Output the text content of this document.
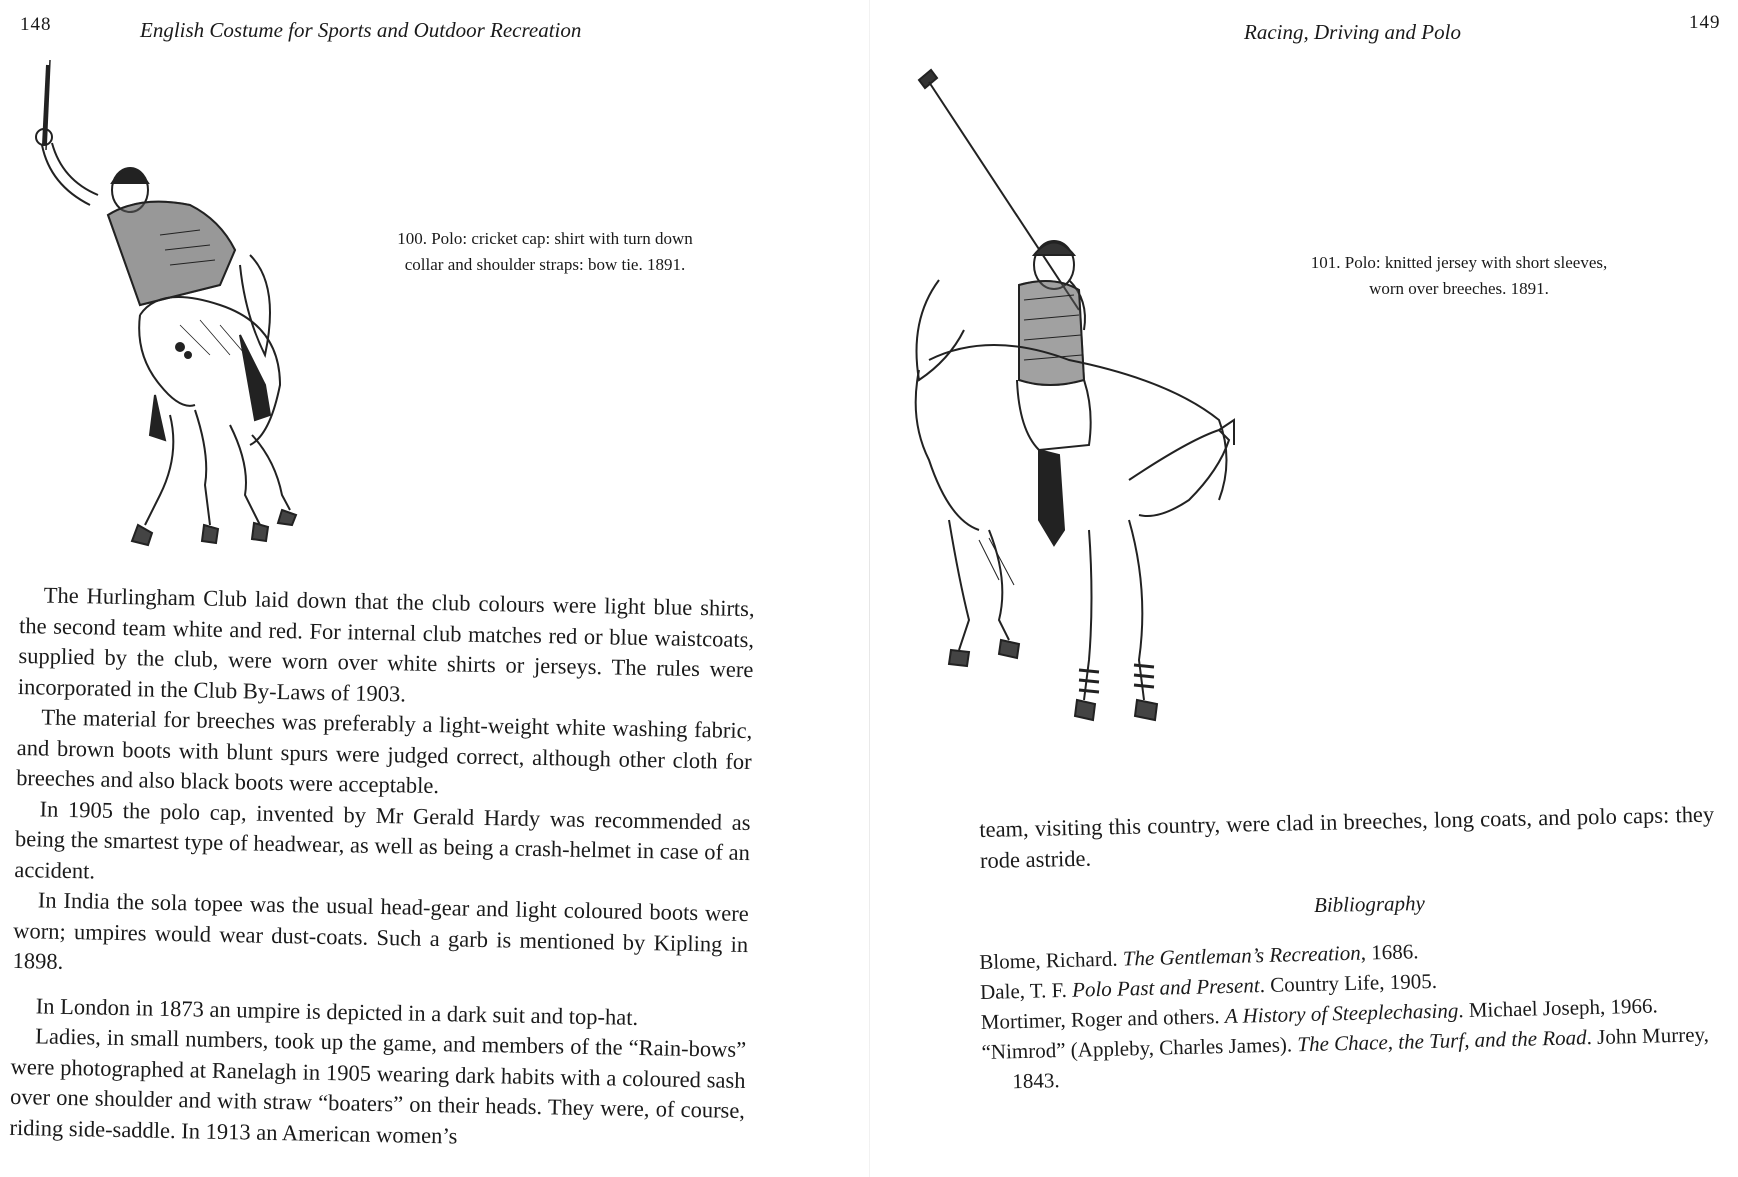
148	English Costume for Sports and Outdoor Recreation
100. Polo: cricket cap: shirt with turn down
collar and shoulder straps: bow tie. 1891.

The Hurlingham Club laid down that the club colours were light blue shirts, the second team white and red. For internal club matches red or blue waistcoats, supplied by the club, were worn over white shirts or jerseys. The rules were incorporated in the Club By-Laws of 1903.

The material for breeches was preferably a light-weight white washing fabric, and brown boots with blunt spurs were judged correct, although other cloth for breeches and also black boots were acceptable.

In 1905 the polo cap, invented by Mr Gerald Hardy was recommended as being the smartest type of headwear, as well as being a crash-helmet in case of an accident.

In India the sola topee was the usual head-gear and light coloured boots were worn; umpires would wear dust-coats. Such a garb is mentioned by Kipling in 1898.

In London in 1873 an umpire is depicted in a dark suit and top-hat.

Ladies, in small numbers, took up the game, and members of the “Rain-bows” were photographed at Ranelagh in 1905 wearing dark habits with a coloured sash over one shoulder and with straw “boaters” on their heads. They were, of course, riding side-saddle. In 1913 an American women’s

Racing, Driving and Polo	149
101. Polo: knitted jersey with short sleeves,
worn over breeches. 1891.

team, visiting this country, were clad in breeches, long coats, and polo caps: they rode astride.

Bibliography

Blome, Richard. The Gentleman’s Recreation, 1686.

Dale, T. F. Polo Past and Present. Country Life, 1905.

Mortimer, Roger and others. A History of Steeplechasing. Michael Joseph, 1966.

“Nimrod” (Appleby, Charles James). The Chace, the Turf, and the Road. John Murrey, 1843.
